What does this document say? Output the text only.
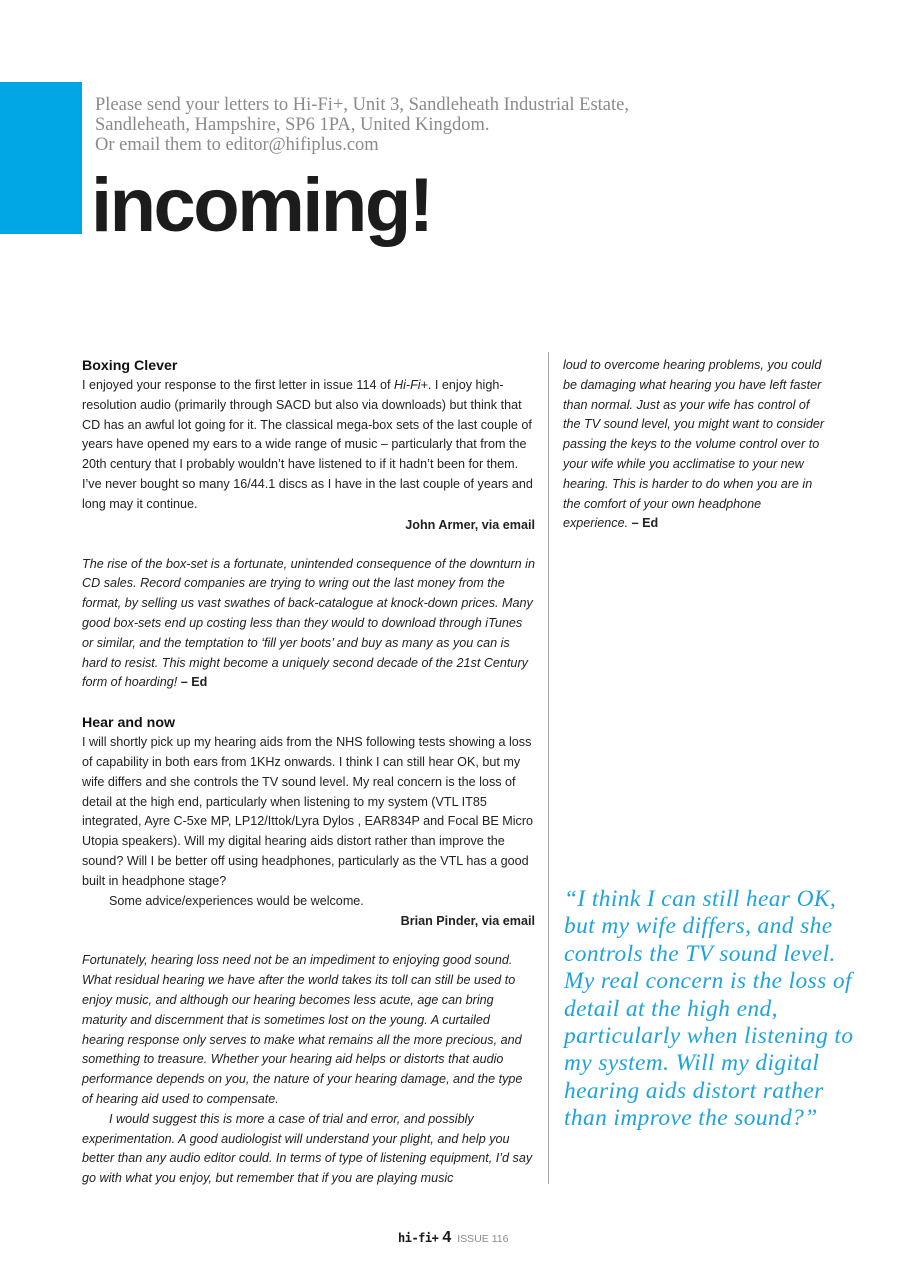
Please send your letters to Hi-Fi+, Unit 3, Sandleheath Industrial Estate,
Sandleheath, Hampshire, SP6 1PA, United Kingdom.
Or email them to editor@hifiplus.com
incoming!
Boxing Clever

I enjoyed your response to the first letter in issue 114 of Hi-Fi+. I enjoy high-resolution audio (primarily through SACD but also via downloads) but think that CD has an awful lot going for it. The classical mega-box sets of the last couple of years have opened my ears to a wide range of music – particularly that from the 20th century that I probably wouldn’t have listened to if it hadn’t been for them. I’ve never bought so many 16/44.1 discs as I have in the last couple of years and long may it continue.

John Armer, via email

The rise of the box-set is a fortunate, unintended consequence of the downturn in CD sales. Record companies are trying to wring out the last money from the format, by selling us vast swathes of back-catalogue at knock-down prices. Many good box-sets end up costing less than they would to download through iTunes or similar, and the temptation to ‘fill yer boots’ and buy as many as you can is hard to resist. This might become a uniquely second decade of the 21st Century form of hoarding! – Ed

Hear and now

I will shortly pick up my hearing aids from the NHS following tests showing a loss of capability in both ears from 1KHz onwards. I think I can still hear OK, but my wife differs and she controls the TV sound level. My real concern is the loss of detail at the high end, particularly when listening to my system (VTL IT85 integrated, Ayre C-5xe MP, LP12/Ittok/Lyra Dylos , EAR834P and Focal BE Micro Utopia speakers). Will my digital hearing aids distort rather than improve the sound? Will I be better off using headphones, particularly as the VTL has a good built in headphone stage?

Some advice/experiences would be welcome.

Brian Pinder, via email

Fortunately, hearing loss need not be an impediment to enjoying good sound. What residual hearing we have after the world takes its toll can still be used to enjoy music, and although our hearing becomes less acute, age can bring maturity and discernment that is sometimes lost on the young. A curtailed hearing response only serves to make what remains all the more precious, and something to treasure. Whether your hearing aid helps or distorts that audio performance depends on you, the nature of your hearing damage, and the type of hearing aid used to compensate.

I would suggest this is more a case of trial and error, and possibly experimentation. A good audiologist will understand your plight, and help you better than any audio editor could. In terms of type of listening equipment, I’d say go with what you enjoy, but remember that if you are playing music

loud to overcome hearing problems, you could be damaging what hearing you have left faster than normal. Just as your wife has control of the TV sound level, you might want to consider passing the keys to the volume control over to your wife while you acclimatise to your new hearing. This is harder to do when you are in the comfort of your own headphone experience. – Ed

“I think I can still hear OK, but my wife differs, and she controls the TV sound level. My real concern is the loss of detail at the high end, particularly when listening to my system. Will my digital hearing aids distort rather than improve the sound?”
hi-fi+ 4 ISSUE 116
